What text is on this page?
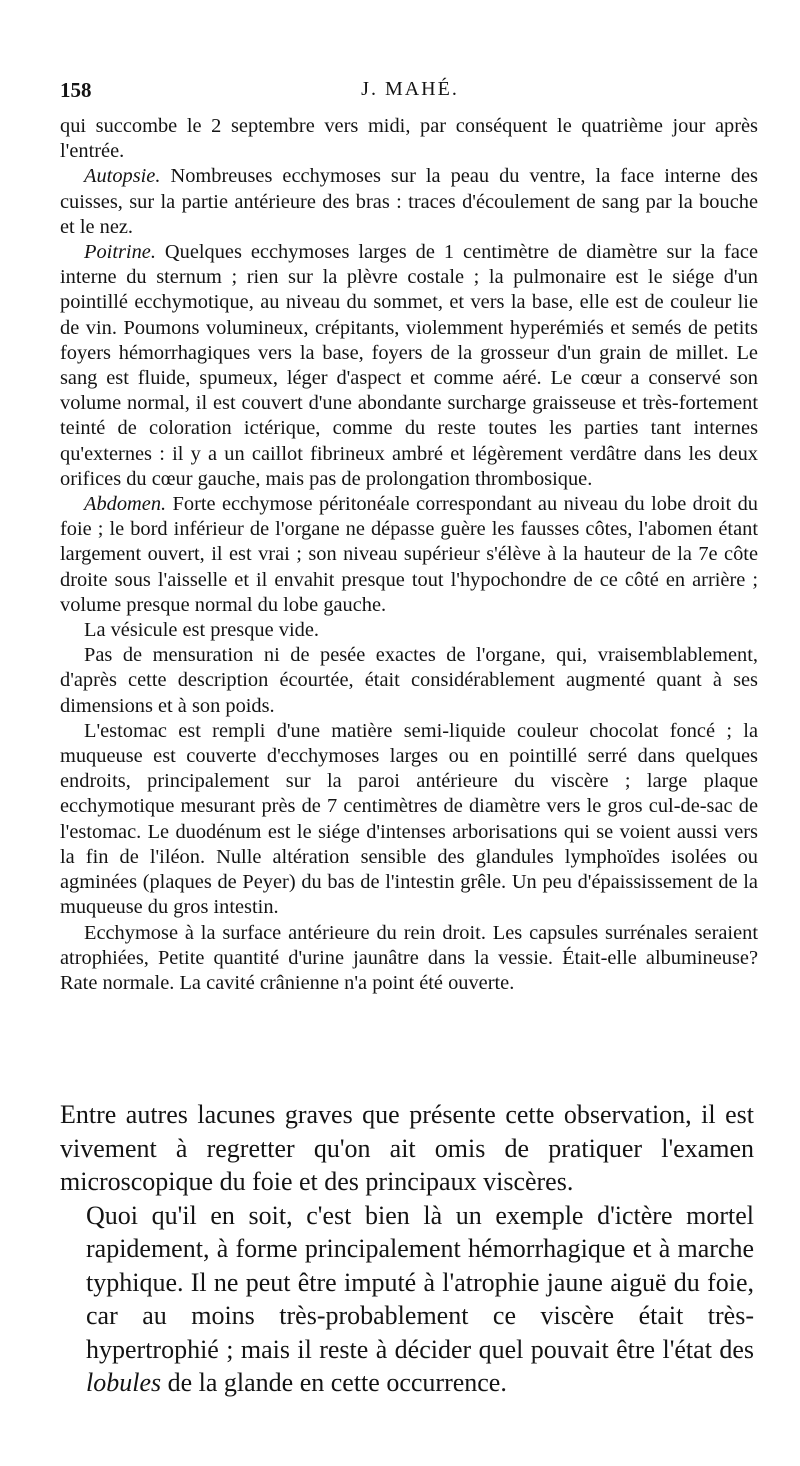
158	J. MAHÉ.

qui succombe le 2 septembre vers midi, par conséquent le quatrième jour après l'entrée.

Autopsie. Nombreuses ecchymoses sur la peau du ventre, la face interne des cuisses, sur la partie antérieure des bras : traces d'écoulement de sang par la bouche et le nez.

Poitrine. Quelques ecchymoses larges de 1 centimètre de diamètre sur la face interne du sternum ; rien sur la plèvre costale ; la pulmonaire est le siége d'un pointillé ecchymotique, au niveau du sommet, et vers la base, elle est de couleur lie de vin. Poumons volumineux, crépitants, violemment hyperémiés et semés de petits foyers hémorrhagiques vers la base, foyers de la grosseur d'un grain de millet. Le sang est fluide, spumeux, léger d'aspect et comme aéré. Le cœur a conservé son volume normal, il est couvert d'une abondante surcharge graisseuse et très-fortement teinté de coloration ictérique, comme du reste toutes les parties tant internes qu'externes : il y a un caillot fibrineux ambré et légèrement verdâtre dans les deux orifices du cœur gauche, mais pas de prolongation thrombosique.

Abdomen. Forte ecchymose péritonéale correspondant au niveau du lobe droit du foie ; le bord inférieur de l'organe ne dépasse guère les fausses côtes, l'abomen étant largement ouvert, il est vrai ; son niveau supérieur s'élève à la hauteur de la 7e côte droite sous l'aisselle et il envahit presque tout l'hypochondre de ce côté en arrière ; volume presque normal du lobe gauche.

La vésicule est presque vide.

Pas de mensuration ni de pesée exactes de l'organe, qui, vraisemblablement, d'après cette description écourtée, était considérablement augmenté quant à ses dimensions et à son poids.

L'estomac est rempli d'une matière semi-liquide couleur chocolat foncé ; la muqueuse est couverte d'ecchymoses larges ou en pointillé serré dans quelques endroits, principalement sur la paroi antérieure du viscère ; large plaque ecchymotique mesurant près de 7 centimètres de diamètre vers le gros cul-de-sac de l'estomac. Le duodénum est le siége d'intenses arborisations qui se voient aussi vers la fin de l'iléon. Nulle altération sensible des glandules lymphoïdes isolées ou agminées (plaques de Peyer) du bas de l'intestin grêle. Un peu d'épaississement de la muqueuse du gros intestin.

Ecchymose à la surface antérieure du rein droit. Les capsules surrénales seraient atrophiées, Petite quantité d'urine jaunâtre dans la vessie. Était-elle albumineuse? Rate normale. La cavité crânienne n'a point été ouverte.

Entre autres lacunes graves que présente cette observation, il est vivement à regretter qu'on ait omis de pratiquer l'examen microscopique du foie et des principaux viscères.

Quoi qu'il en soit, c'est bien là un exemple d'ictère mortel rapidement, à forme principalement hémorrhagique et à marche typhique. Il ne peut être imputé à l'atrophie jaune aiguë du foie, car au moins très-probablement ce viscère était très-hypertrophié ; mais il reste à décider quel pouvait être l'état des lobules de la glande en cette occurrence.
